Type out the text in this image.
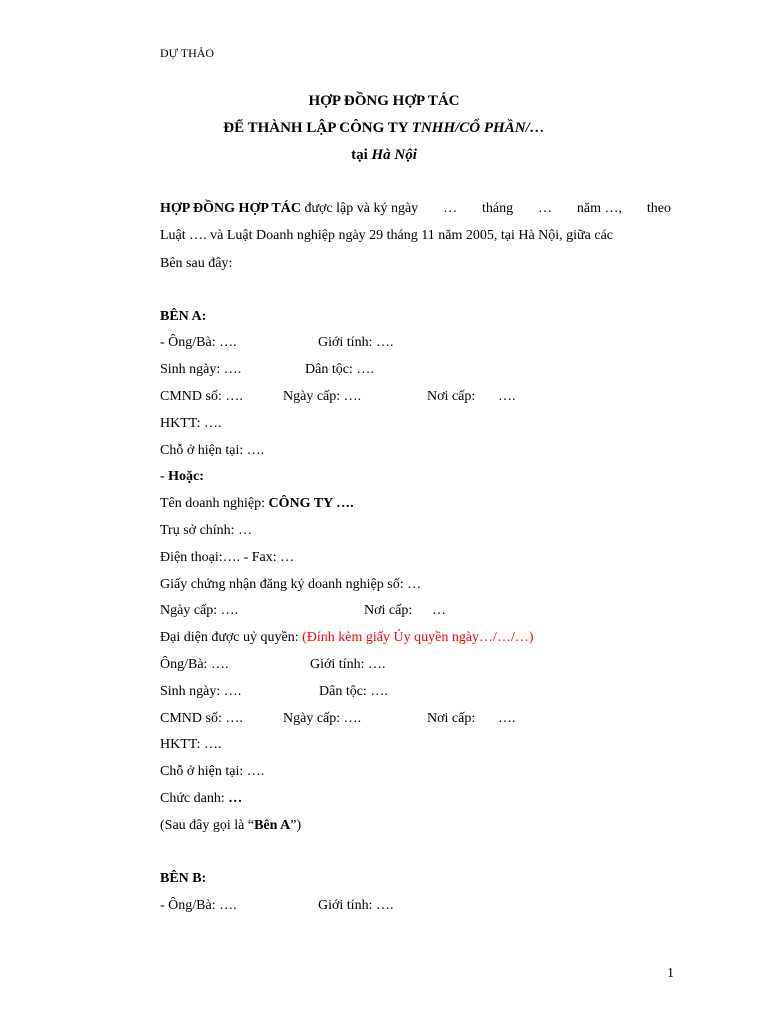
DỰ THẢO
HỢP ĐỒNG HỢP TÁC
ĐỂ THÀNH LẬP CÔNG TY TNHH/CỔ PHẦN/…
tại Hà Nội
HỢP ĐỒNG HỢP TÁC được lập và ký ngày … tháng … năm …, theo
Luật …. và Luật Doanh nghiệp ngày 29 tháng 11 năm 2005, tại Hà Nội, giữa các
Bên sau đây:
BÊN A:
- Ông/Bà: ….	Giới tính: ….
Sinh ngày: ….	Dân tộc: ….
CMND số: ….	Ngày cấp: ….	Nơi cấp: ….
HKTT: ….
Chỗ ở hiện tại: ….
- Hoặc:
Tên doanh nghiệp: CÔNG TY ….
Trụ sở chính: …
Điện thoại:…. - Fax: …
Giấy chứng nhận đăng ký doanh nghiệp số: …
Ngày cấp: ….	Nơi cấp: …
Đại diện được uỷ quyền: (Đính kèm giấy Ủy quyền ngày…/…/…)
Ông/Bà: ….	Giới tính: ….
Sinh ngày: ….	Dân tộc: ….
CMND số: ….	Ngày cấp: ….	Nơi cấp: ….
HKTT: ….
Chỗ ở hiện tại: ….
Chức danh: …
(Sau đây gọi là “Bên A”)
BÊN B:
- Ông/Bà: ….	Giới tính: ….
1
